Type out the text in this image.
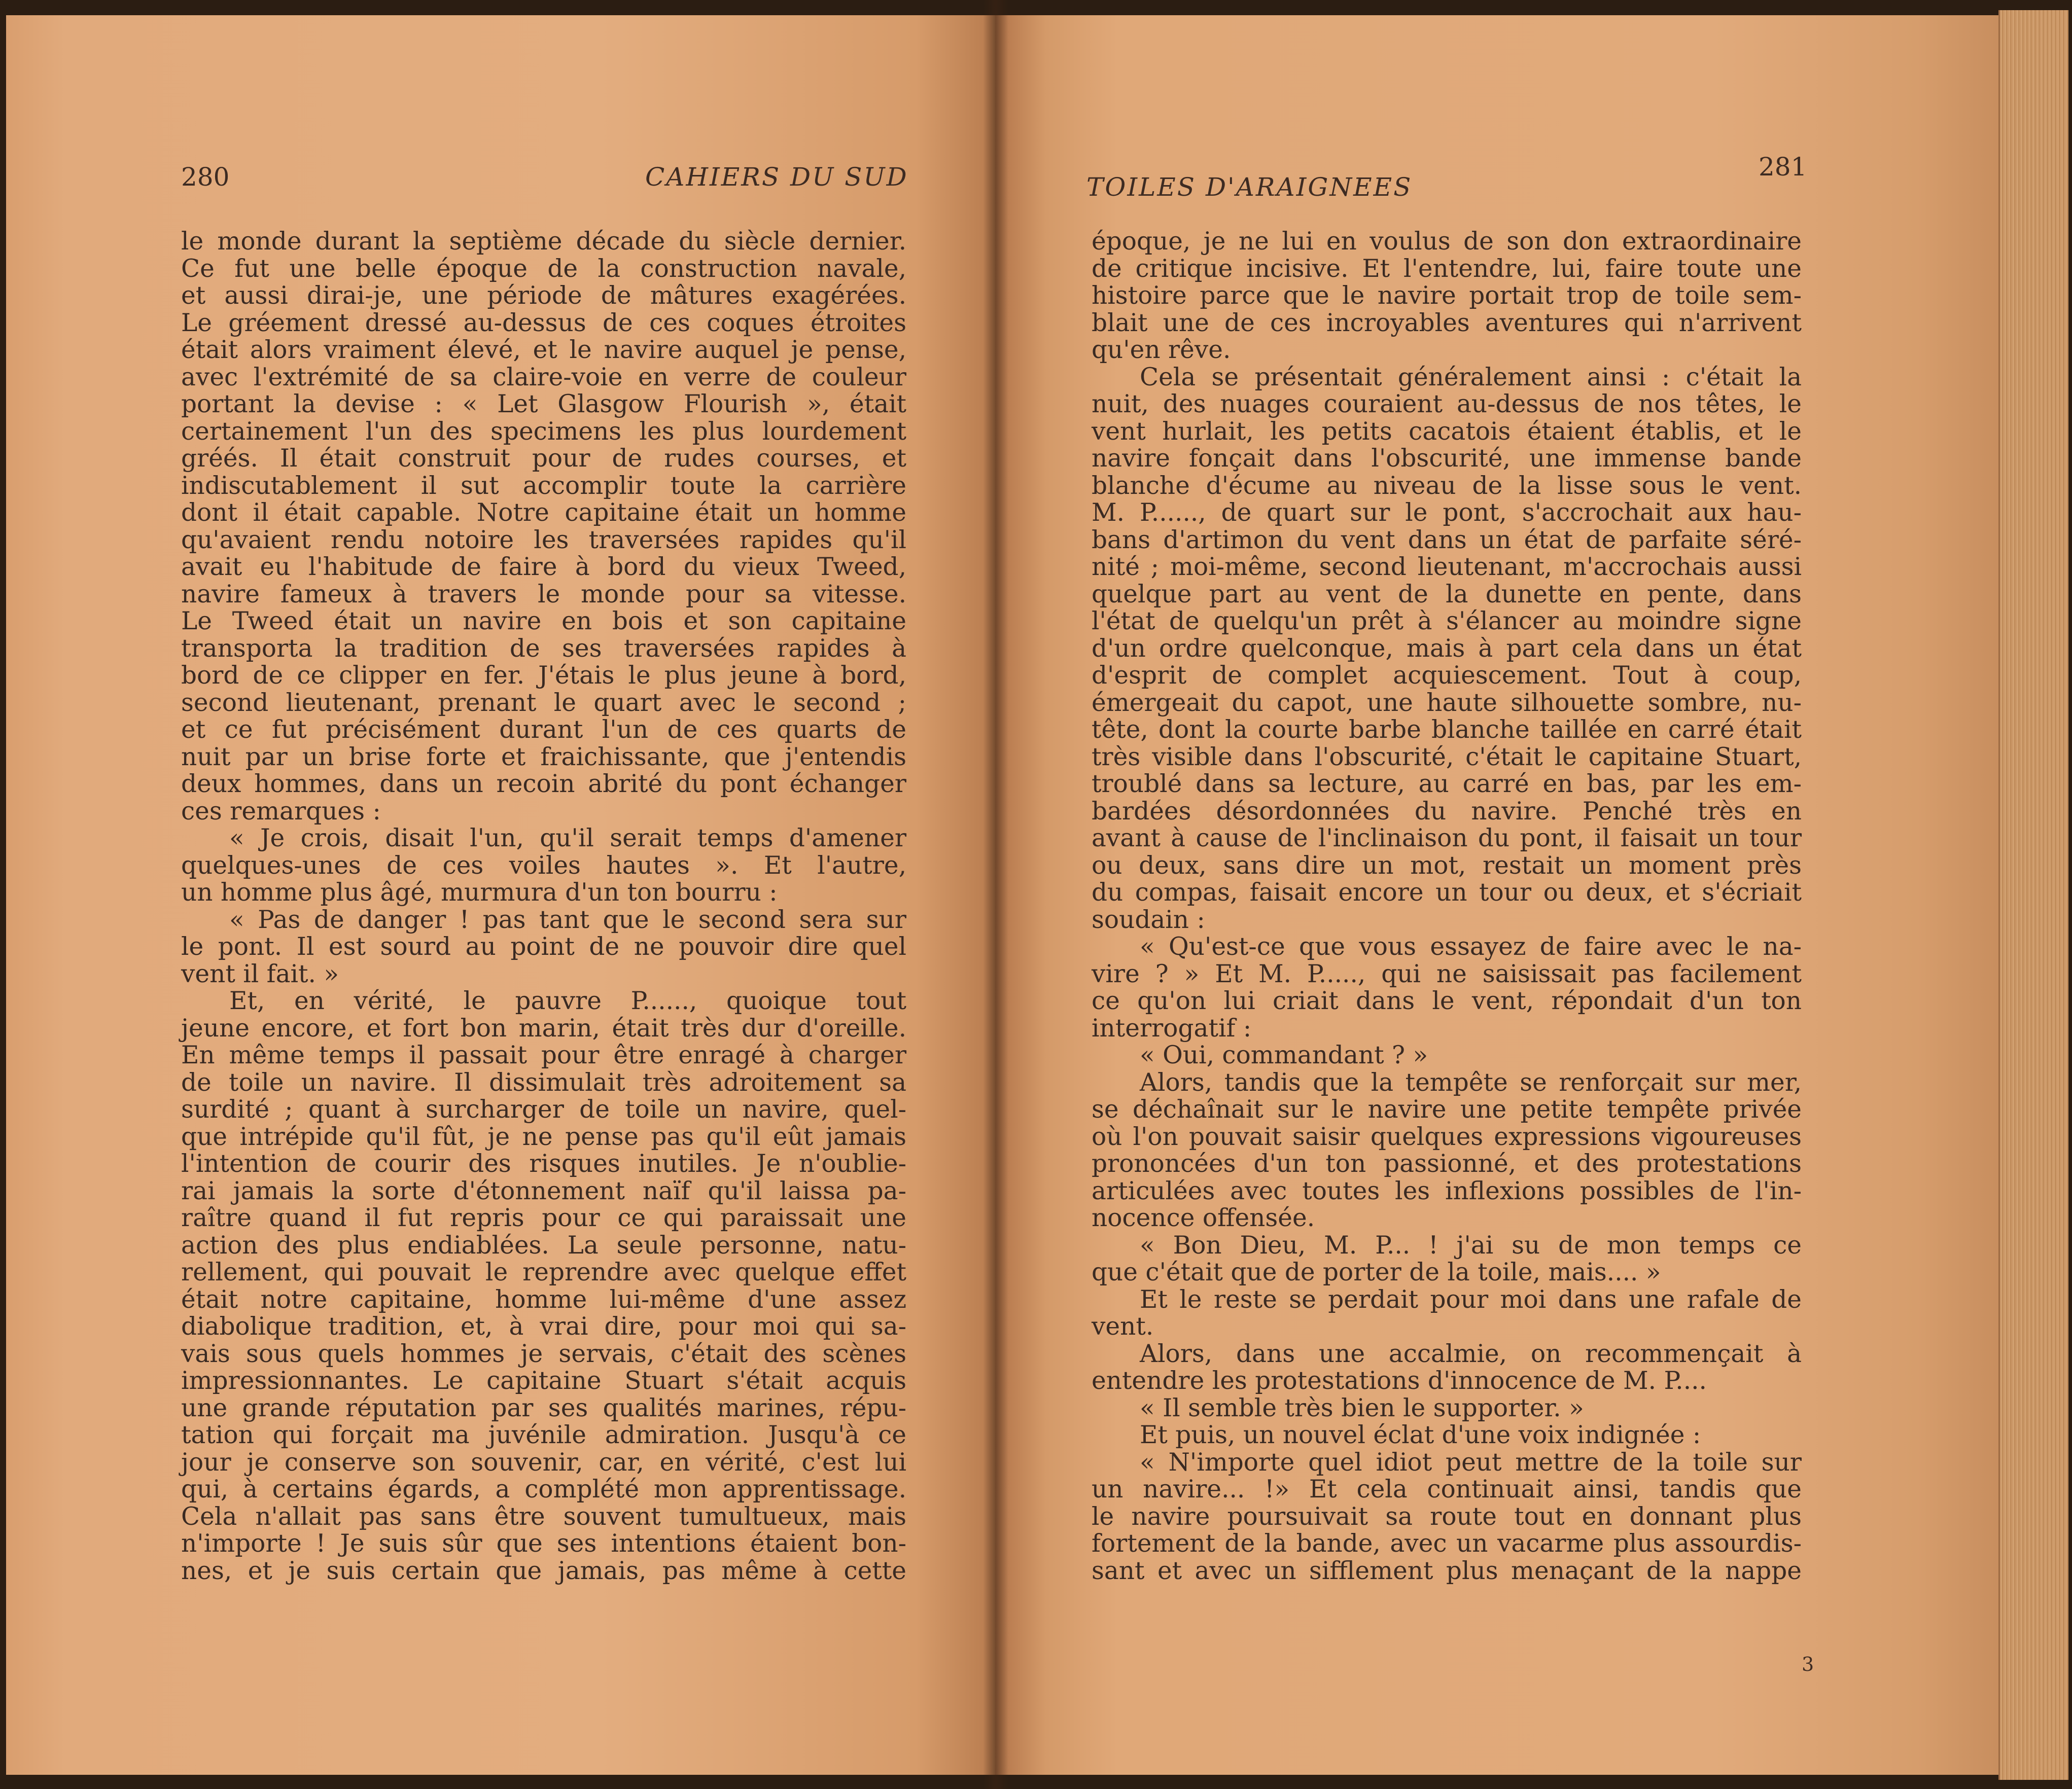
280	CAHIERS DU SUD
le monde durant la septième décade du siècle dernier.
Ce fut une belle époque de la construction navale,
et aussi dirai-je, une période de mâtures exagérées.
Le gréement dressé au-dessus de ces coques étroites
était alors vraiment élevé, et le navire auquel je pense,
avec l'extrémité de sa claire-voie en verre de couleur
portant la devise : « Let Glasgow Flourish », était
certainement l'un des specimens les plus lourdement
gréés. Il était construit pour de rudes courses, et
indiscutablement il sut accomplir toute la carrière
dont il était capable. Notre capitaine était un homme
qu'avaient rendu notoire les traversées rapides qu'il
avait eu l'habitude de faire à bord du vieux Tweed,
navire fameux à travers le monde pour sa vitesse.
Le Tweed était un navire en bois et son capitaine
transporta la tradition de ses traversées rapides à
bord de ce clipper en fer. J'étais le plus jeune à bord,
second lieutenant, prenant le quart avec le second ;
et ce fut précisément durant l'un de ces quarts de
nuit par un brise forte et fraichissante, que j'entendis
deux hommes, dans un recoin abrité du pont échanger
ces remarques :
« Je crois, disait l'un, qu'il serait temps d'amener
quelques-unes de ces voiles hautes ». Et l'autre,
un homme plus âgé, murmura d'un ton bourru :
« Pas de danger ! pas tant que le second sera sur
le pont. Il est sourd au point de ne pouvoir dire quel
vent il fait. »
Et, en vérité, le pauvre P......, quoique tout
jeune encore, et fort bon marin, était très dur d'oreille.
En même temps il passait pour être enragé à charger
de toile un navire. Il dissimulait très adroitement sa
surdité ; quant à surcharger de toile un navire, quel-
que intrépide qu'il fût, je ne pense pas qu'il eût jamais
l'intention de courir des risques inutiles. Je n'oublie-
rai jamais la sorte d'étonnement naïf qu'il laissa pa-
raître quand il fut repris pour ce qui paraissait une
action des plus endiablées. La seule personne, natu-
rellement, qui pouvait le reprendre avec quelque effet
était notre capitaine, homme lui-même d'une assez
diabolique tradition, et, à vrai dire, pour moi qui sa-
vais sous quels hommes je servais, c'était des scènes
impressionnantes. Le capitaine Stuart s'était acquis
une grande réputation par ses qualités marines, répu-
tation qui forçait ma juvénile admiration. Jusqu'à ce
jour je conserve son souvenir, car, en vérité, c'est lui
qui, à certains égards, a complété mon apprentissage.
Cela n'allait pas sans être souvent tumultueux, mais
n'importe ! Je suis sûr que ses intentions étaient bon-
nes, et je suis certain que jamais, pas même à cette
TOILES D'ARAIGNEES
281
époque, je ne lui en voulus de son don extraordinaire
de critique incisive. Et l'entendre, lui, faire toute une
histoire parce que le navire portait trop de toile sem-
blait une de ces incroyables aventures qui n'arrivent
qu'en rêve.
Cela se présentait généralement ainsi : c'était la
nuit, des nuages couraient au-dessus de nos têtes, le
vent hurlait, les petits cacatois étaient établis, et le
navire fonçait dans l'obscurité, une immense bande
blanche d'écume au niveau de la lisse sous le vent.
M. P......, de quart sur le pont, s'accrochait aux hau-
bans d'artimon du vent dans un état de parfaite séré-
nité ; moi-même, second lieutenant, m'accrochais aussi
quelque part au vent de la dunette en pente, dans
l'état de quelqu'un prêt à s'élancer au moindre signe
d'un ordre quelconque, mais à part cela dans un état
d'esprit de complet acquiescement. Tout à coup,
émergeait du capot, une haute silhouette sombre, nu-
tête, dont la courte barbe blanche taillée en carré était
très visible dans l'obscurité, c'était le capitaine Stuart,
troublé dans sa lecture, au carré en bas, par les em-
bardées désordonnées du navire. Penché très en
avant à cause de l'inclinaison du pont, il faisait un tour
ou deux, sans dire un mot, restait un moment près
du compas, faisait encore un tour ou deux, et s'écriait
soudain :
« Qu'est-ce que vous essayez de faire avec le na-
vire ? » Et M. P....., qui ne saisissait pas facilement
ce qu'on lui criait dans le vent, répondait d'un ton
interrogatif :
« Oui, commandant ? »
Alors, tandis que la tempête se renforçait sur mer,
se déchaînait sur le navire une petite tempête privée
où l'on pouvait saisir quelques expressions vigoureuses
prononcées d'un ton passionné, et des protestations
articulées avec toutes les inflexions possibles de l'in-
nocence offensée.
« Bon Dieu, M. P... ! j'ai su de mon temps ce
que c'était que de porter de la toile, mais.... »
Et le reste se perdait pour moi dans une rafale de
vent.
Alors, dans une accalmie, on recommençait à
entendre les protestations d'innocence de M. P....
« Il semble très bien le supporter. »
Et puis, un nouvel éclat d'une voix indignée :
« N'importe quel idiot peut mettre de la toile sur
un navire... !» Et cela continuait ainsi, tandis que
le navire poursuivait sa route tout en donnant plus
fortement de la bande, avec un vacarme plus assourdis-
sant et avec un sifflement plus menaçant de la nappe
3
